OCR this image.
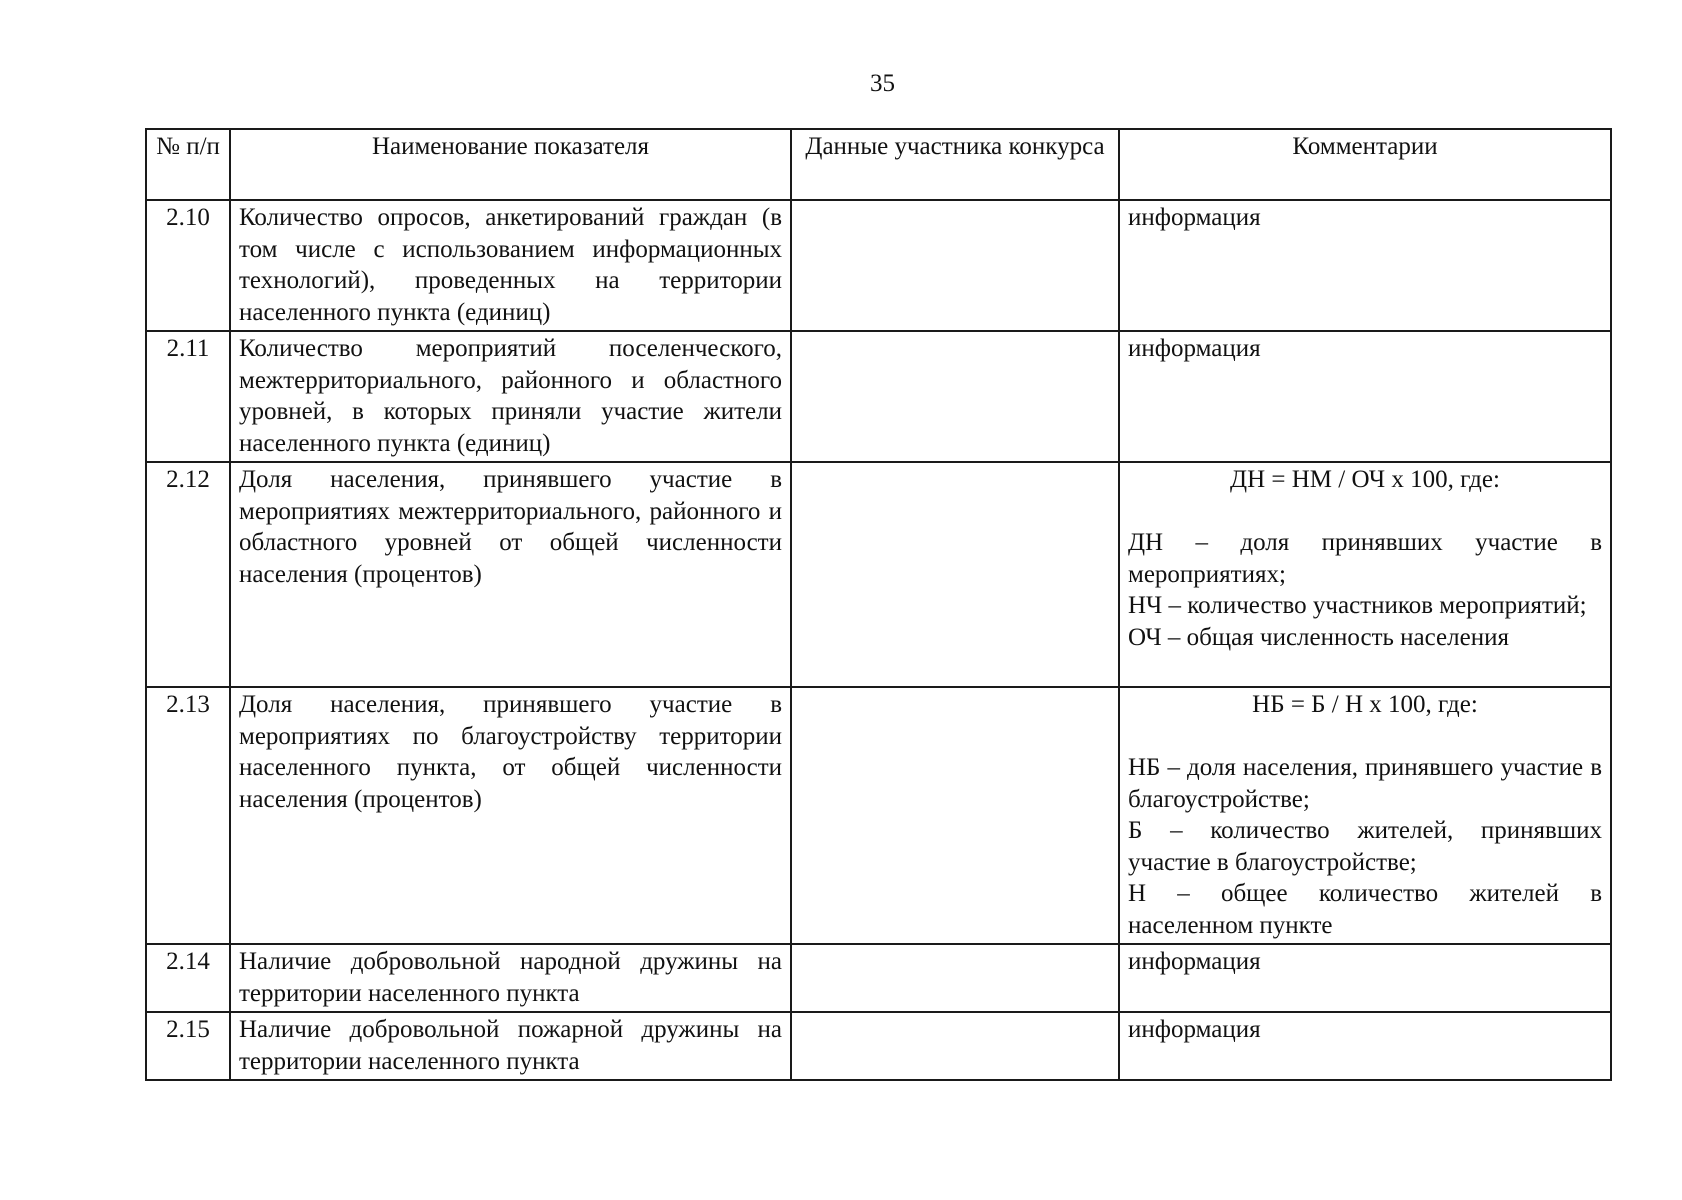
35
№ п/п	Наименование показателя	Данные участника конкурса	Комментарии
2.10	Количество опросов, анкетирований граждан (в том числе с использованием информационных технологий), проведенных на территории населенного пункта (единиц)		информация
2.11	Количество мероприятий поселенческого, межтерриториального, районного и областного уровней, в которых приняли участие жители населенного пункта (единиц)		информация
2.12	Доля населения, принявшего участие в мероприятиях межтерриториального, районного и областного уровней от общей численности населения (процентов)		ДН = НМ / ОЧ x 100, где:
ДН – доля принявших участие в мероприятиях;
НЧ – количество участников мероприятий;
ОЧ – общая численность населения

2.13	Доля населения, принявшего участие в мероприятиях по благоустройству территории населенного пункта, от общей численности населения (процентов)		НБ = Б / Н x 100, где:
НБ – доля населения, принявшего участие в благоустройстве;
Б – количество жителей, принявших участие в благоустройстве;
Н – общее количество жителей в населенном пункте

2.14	Наличие добровольной народной дружины на территории населенного пункта		информация
2.15	Наличие добровольной пожарной дружины на территории населенного пункта		информация
